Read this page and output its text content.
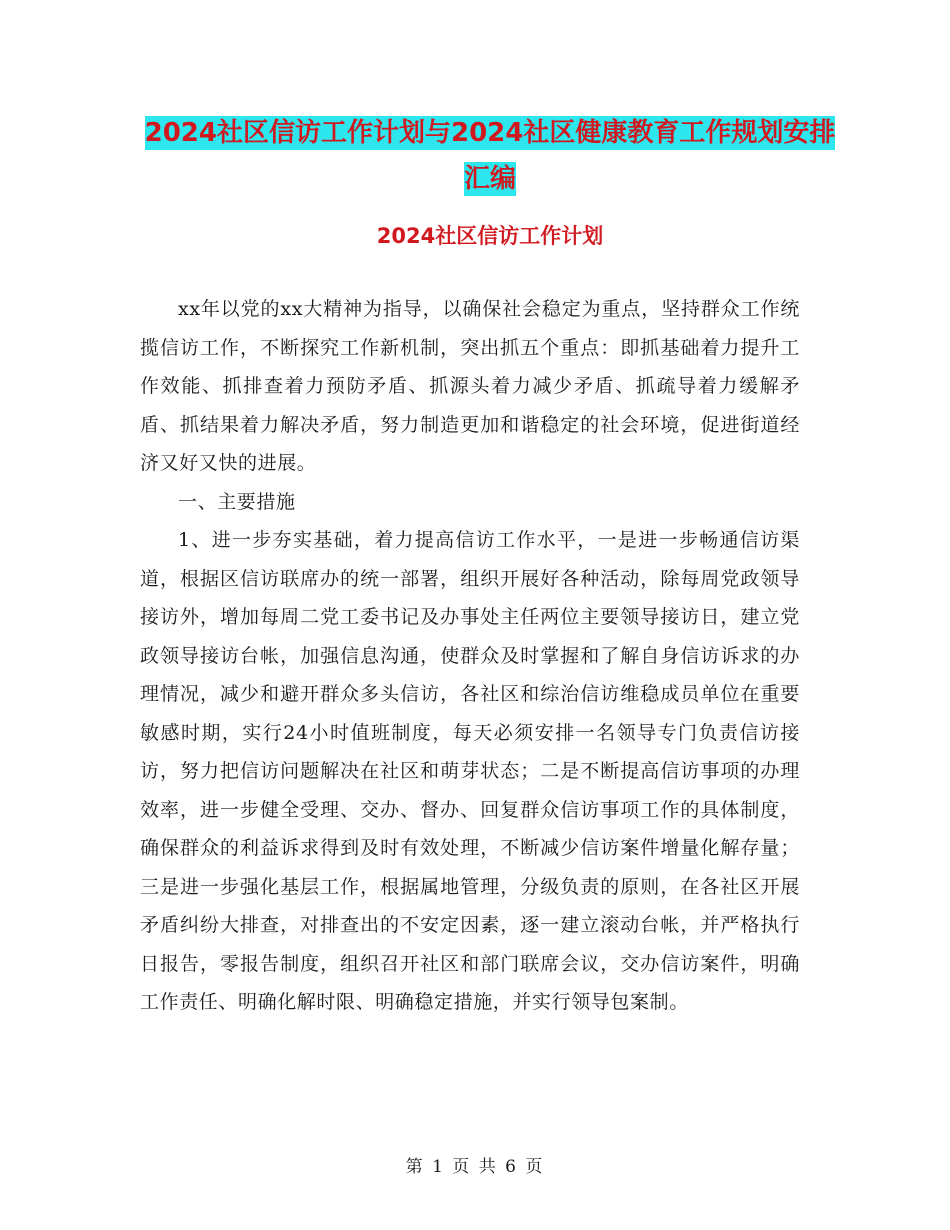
2024社区信访工作计划与2024社区健康教育工作规划安排汇编
2024社区信访工作计划

xx年以党的xx大精神为指导，以确保社会稳定为重点，坚持群众工作统揽信访工作，不断探究工作新机制，突出抓五个重点：即抓基础着力提升工作效能、抓排查着力预防矛盾、抓源头着力减少矛盾、抓疏导着力缓解矛盾、抓结果着力解决矛盾，努力制造更加和谐稳定的社会环境，促进街道经济又好又快的进展。

一、主要措施

1、进一步夯实基础，着力提高信访工作水平，一是进一步畅通信访渠道，根据区信访联席办的统一部署，组织开展好各种活动，除每周党政领导接访外，增加每周二党工委书记及办事处主任两位主要领导接访日，建立党政领导接访台帐，加强信息沟通，使群众及时掌握和了解自身信访诉求的办理情况，减少和避开群众多头信访，各社区和综治信访维稳成员单位在重要敏感时期，实行24小时值班制度，每天必须安排一名领导专门负责信访接访，努力把信访问题解决在社区和萌芽状态；二是不断提高信访事项的办理效率，进一步健全受理、交办、督办、回复群众信访事项工作的具体制度，确保群众的利益诉求得到及时有效处理，不断减少信访案件增量化解存量；三是进一步强化基层工作，根据属地管理，分级负责的原则，在各社区开展矛盾纠纷大排查，对排查出的不安定因素，逐一建立滚动台帐，并严格执行日报告，零报告制度，组织召开社区和部门联席会议，交办信访案件，明确工作责任、明确化解时限、明确稳定措施，并实行领导包案制。

第 1 页 共 6 页
